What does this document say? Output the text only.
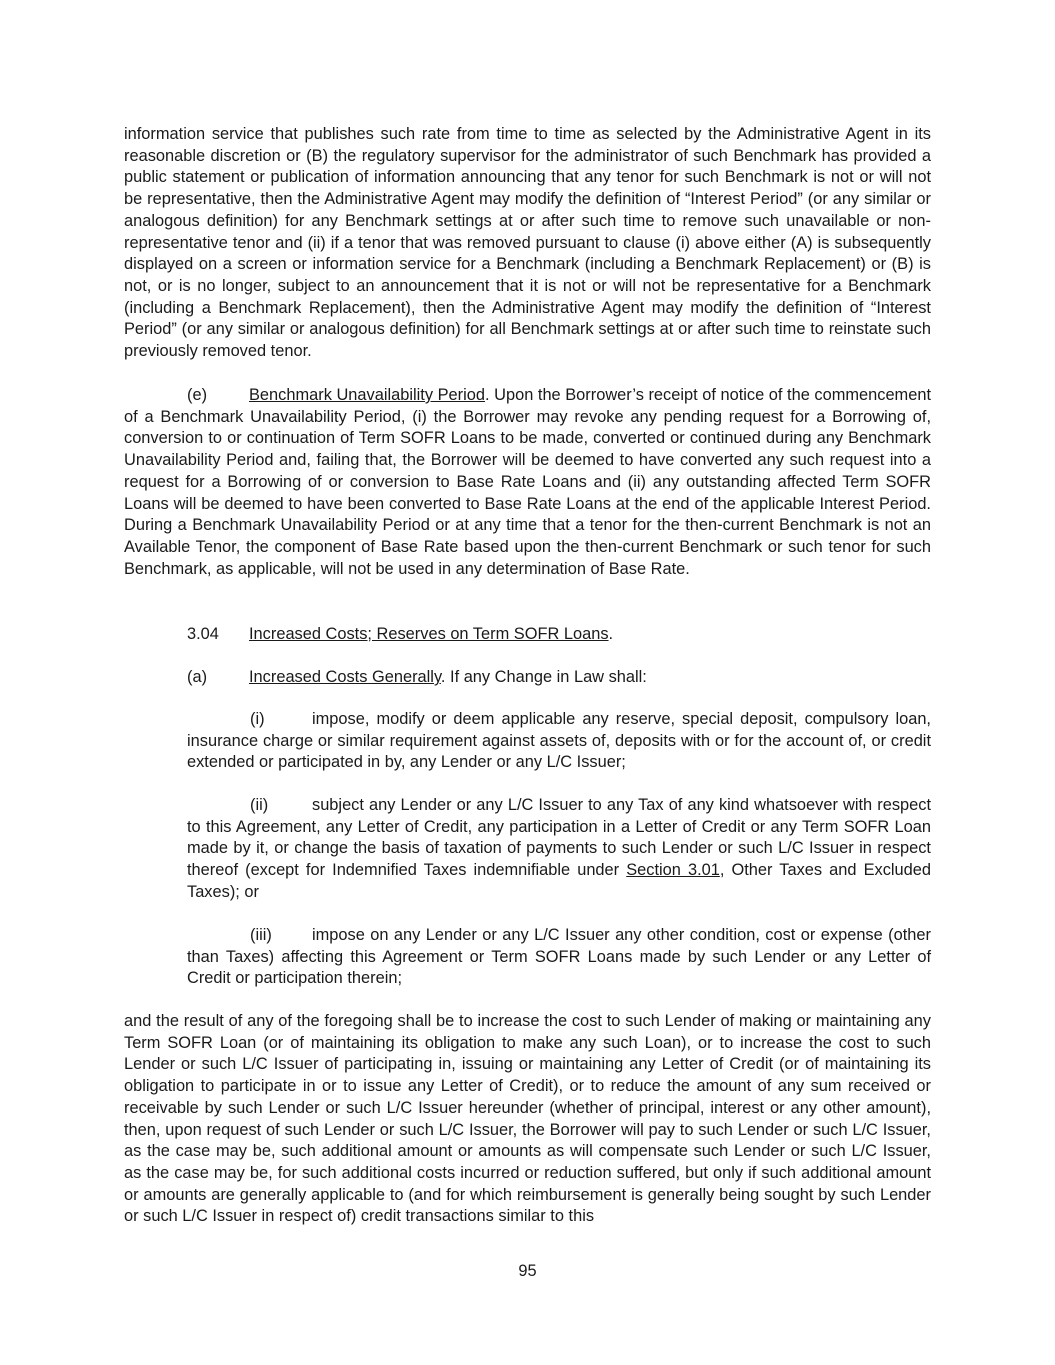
information service that publishes such rate from time to time as selected by the Administrative Agent in its reasonable discretion or (B) the regulatory supervisor for the administrator of such Benchmark has provided a public statement or publication of information announcing that any tenor for such Benchmark is not or will not be representative, then the Administrative Agent may modify the definition of “Interest Period” (or any similar or analogous definition) for any Benchmark settings at or after such time to remove such unavailable or non-representative tenor and (ii) if a tenor that was removed pursuant to clause (i) above either (A) is subsequently displayed on a screen or information service for a Benchmark (including a Benchmark Replacement) or (B) is not, or is no longer, subject to an announcement that it is not or will not be representative for a Benchmark (including a Benchmark Replacement), then the Administrative Agent may modify the definition of “Interest Period” (or any similar or analogous definition) for all Benchmark settings at or after such time to reinstate such previously removed tenor.

(e)	Benchmark Unavailability Period. Upon the Borrower’s receipt of notice of the commencement of a Benchmark Unavailability Period, (i) the Borrower may revoke any pending request for a Borrowing of, conversion to or continuation of Term SOFR Loans to be made, converted or continued during any Benchmark Unavailability Period and, failing that, the Borrower will be deemed to have converted any such request into a request for a Borrowing of or conversion to Base Rate Loans and (ii) any outstanding affected Term SOFR Loans will be deemed to have been converted to Base Rate Loans at the end of the applicable Interest Period. During a Benchmark Unavailability Period or at any time that a tenor for the then-current Benchmark is not an Available Tenor, the component of Base Rate based upon the then-current Benchmark or such tenor for such Benchmark, as applicable, will not be used in any determination of Base Rate.

3.04 Increased Costs; Reserves on Term SOFR Loans.

(a)	Increased Costs Generally. If any Change in Law shall:

(i)	impose, modify or deem applicable any reserve, special deposit, compulsory loan, insurance charge or similar requirement against assets of, deposits with or for the account of, or credit extended or participated in by, any Lender or any L/C Issuer;

(ii)	subject any Lender or any L/C Issuer to any Tax of any kind whatsoever with respect to this Agreement, any Letter of Credit, any participation in a Letter of Credit or any Term SOFR Loan made by it, or change the basis of taxation of payments to such Lender or such L/C Issuer in respect thereof (except for Indemnified Taxes indemnifiable under Section 3.01, Other Taxes and Excluded Taxes); or

(iii) impose on any Lender or any L/C Issuer any other condition, cost or expense (other than Taxes) affecting this Agreement or Term SOFR Loans made by such Lender or any Letter of Credit or participation therein;

and the result of any of the foregoing shall be to increase the cost to such Lender of making or maintaining any Term SOFR Loan (or of maintaining its obligation to make any such Loan), or to increase the cost to such Lender or such L/C Issuer of participating in, issuing or maintaining any Letter of Credit (or of maintaining its obligation to participate in or to issue any Letter of Credit), or to reduce the amount of any sum received or receivable by such Lender or such L/C Issuer hereunder (whether of principal, interest or any other amount), then, upon request of such Lender or such L/C Issuer, the Borrower will pay to such Lender or such L/C Issuer, as the case may be, such additional amount or amounts as will compensate such Lender or such L/C Issuer, as the case may be, for such additional costs incurred or reduction suffered, but only if such additional amount or amounts are generally applicable to (and for which reimbursement is generally being sought by such Lender or such L/C Issuer in respect of) credit transactions similar to this

95
